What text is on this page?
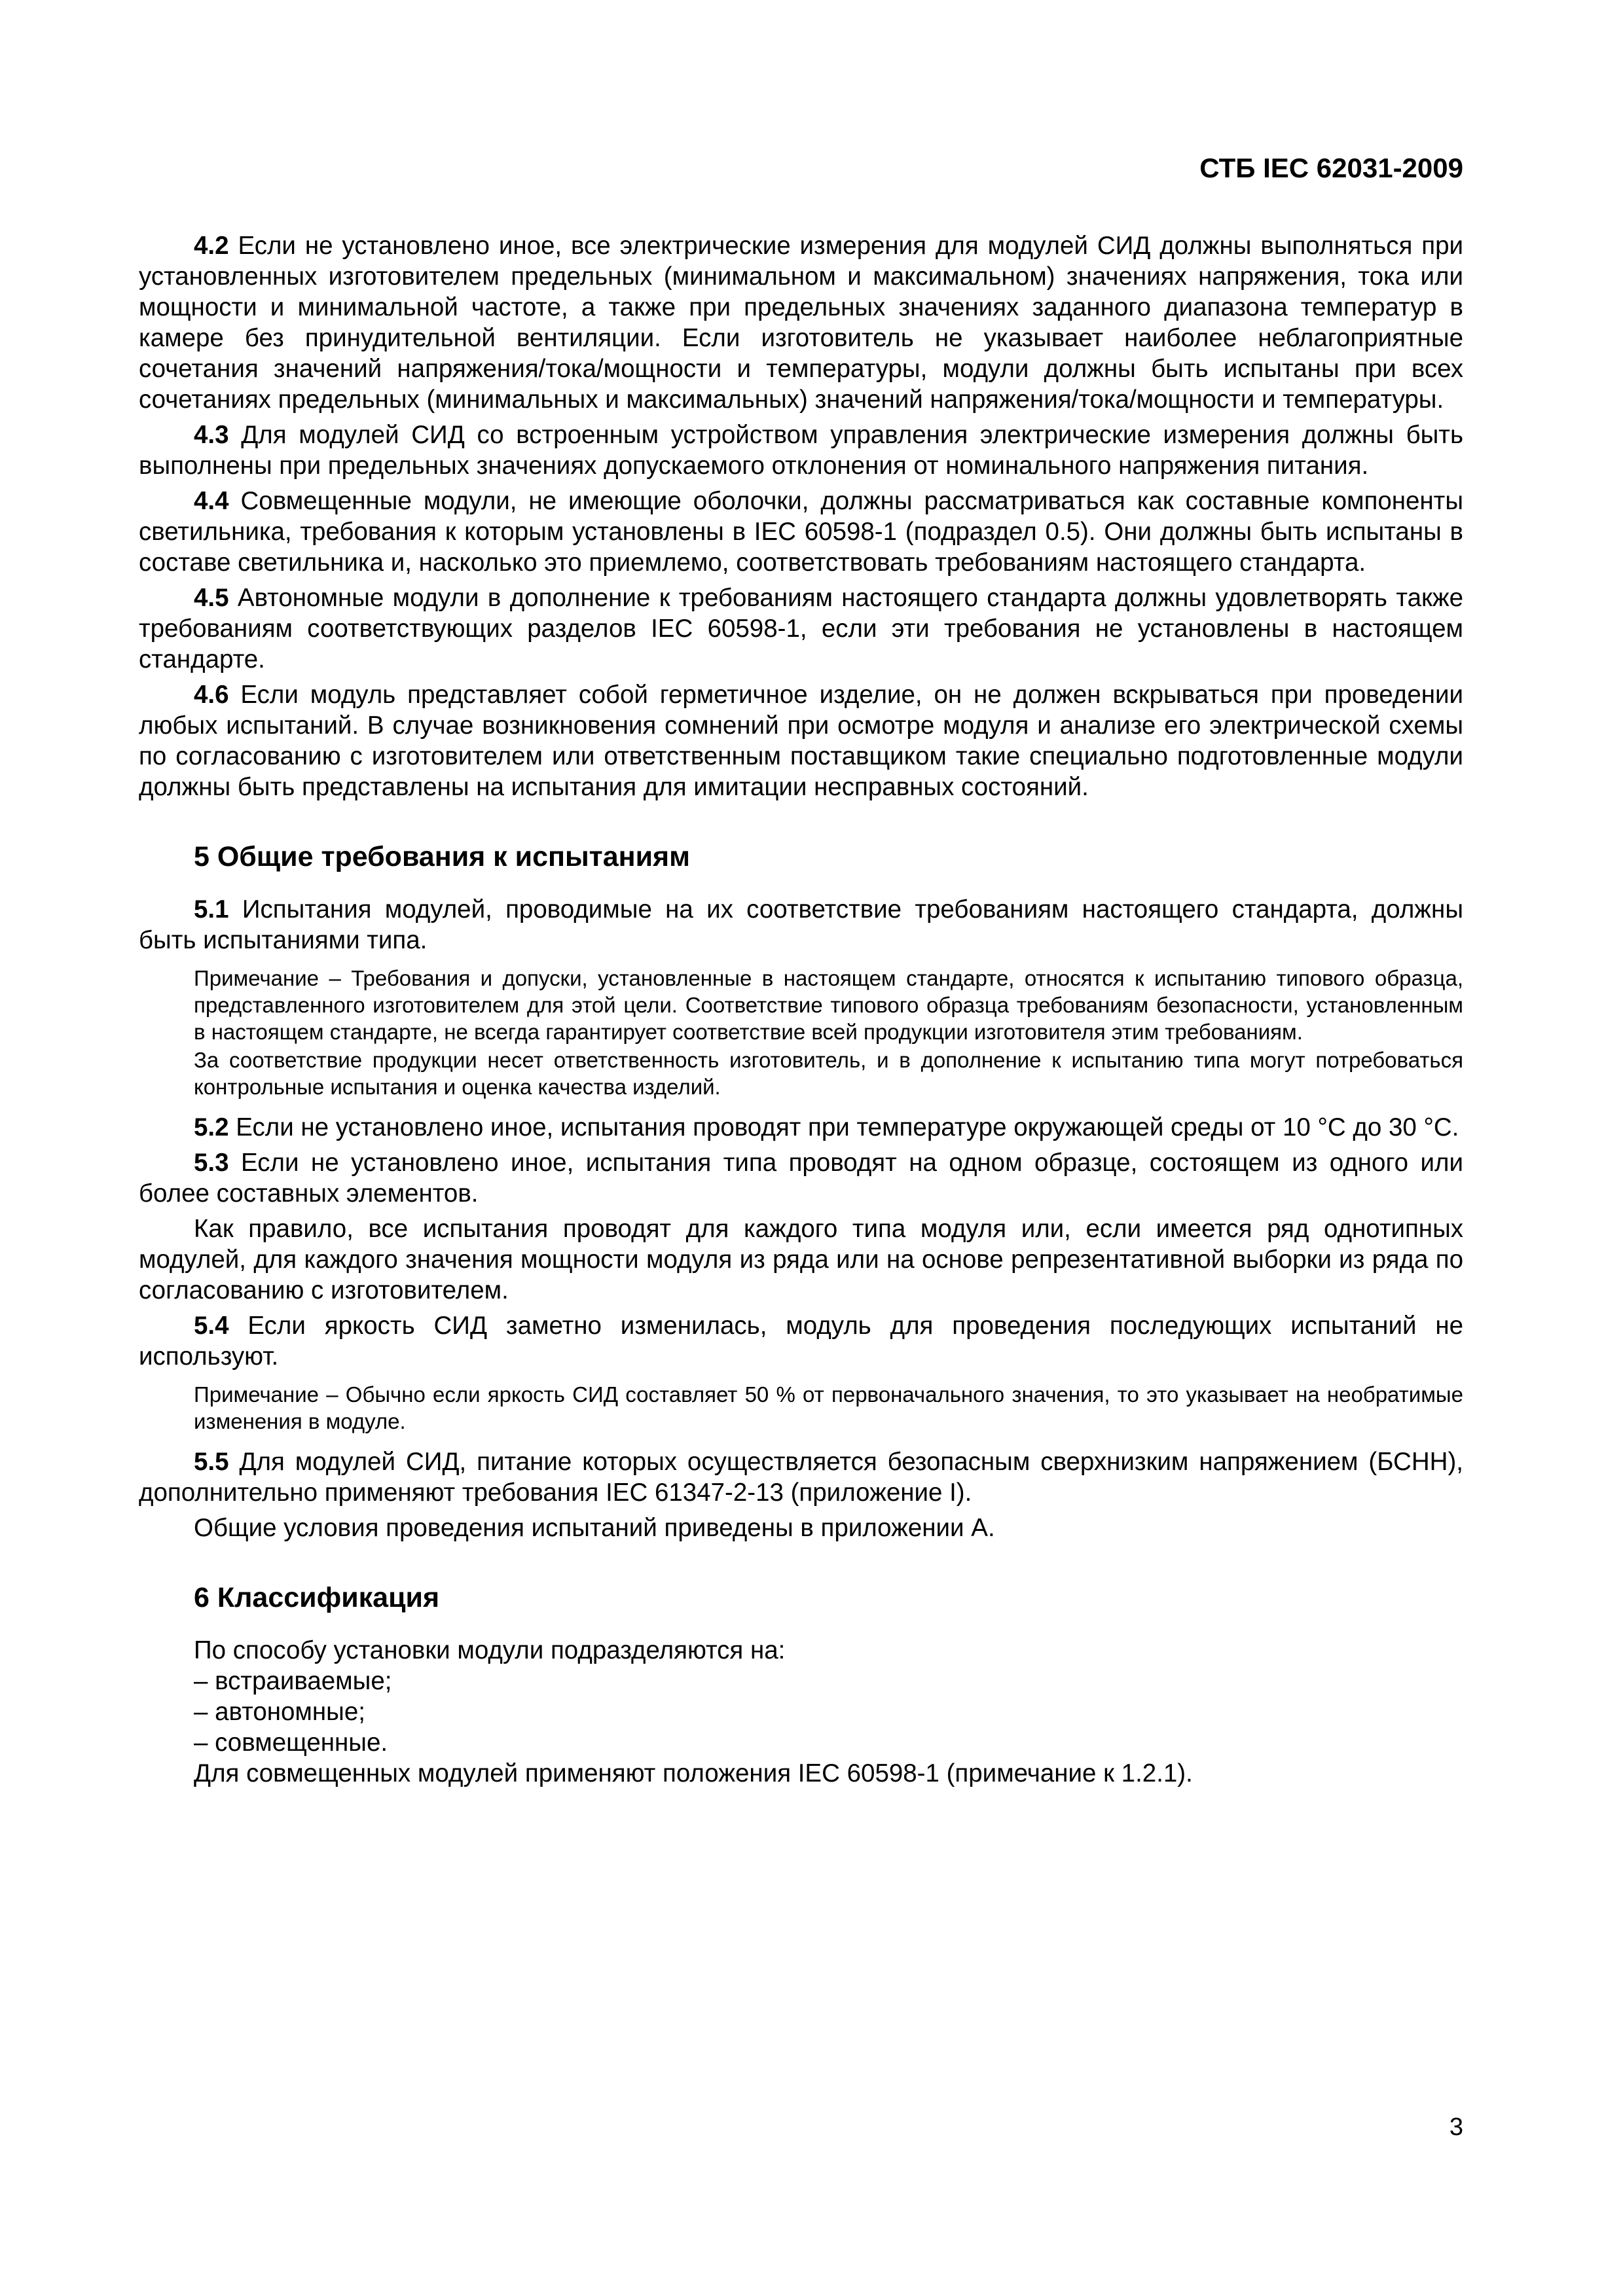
СТБ IEC 62031-2009

4.2 Если не установлено иное, все электрические измерения для модулей СИД должны выполняться при установленных изготовителем предельных (минимальном и максимальном) значениях напряжения, тока или мощности и минимальной частоте, а также при предельных значениях заданного диапазона температур в камере без принудительной вентиляции. Если изготовитель не указывает наиболее неблагоприятные сочетания значений напряжения/тока/мощности и температуры, модули должны быть испытаны при всех сочетаниях предельных (минимальных и максимальных) значений напряжения/тока/мощности и температуры.

4.3 Для модулей СИД со встроенным устройством управления электрические измерения должны быть выполнены при предельных значениях допускаемого отклонения от номинального напряжения питания.

4.4 Совмещенные модули, не имеющие оболочки, должны рассматриваться как составные компоненты светильника, требования к которым установлены в IEC 60598-1 (подраздел 0.5). Они должны быть испытаны в составе светильника и, насколько это приемлемо, соответствовать требованиям настоящего стандарта.

4.5 Автономные модули в дополнение к требованиям настоящего стандарта должны удовлетворять также требованиям соответствующих разделов IEC 60598-1, если эти требования не установлены в настоящем стандарте.

4.6 Если модуль представляет собой герметичное изделие, он не должен вскрываться при проведении любых испытаний. В случае возникновения сомнений при осмотре модуля и анализе его электрической схемы по согласованию с изготовителем или ответственным поставщиком такие специально подготовленные модули должны быть представлены на испытания для имитации несправных состояний.

5 Общие требования к испытаниям

5.1 Испытания модулей, проводимые на их соответствие требованиям настоящего стандарта, должны быть испытаниями типа.

Примечание – Требования и допуски, установленные в настоящем стандарте, относятся к испытанию типового образца, представленного изготовителем для этой цели. Соответствие типового образца требованиям безопасности, установленным в настоящем стандарте, не всегда гарантирует соответствие всей продукции изготовителя этим требованиям.

За соответствие продукции несет ответственность изготовитель, и в дополнение к испытанию типа могут потребоваться контрольные испытания и оценка качества изделий.

5.2 Если не установлено иное, испытания проводят при температуре окружающей среды от 10 °С до 30 °С.

5.3 Если не установлено иное, испытания типа проводят на одном образце, состоящем из одного или более составных элементов.

Как правило, все испытания проводят для каждого типа модуля или, если имеется ряд однотипных модулей, для каждого значения мощности модуля из ряда или на основе репрезентативной выборки из ряда по согласованию с изготовителем.

5.4 Если яркость СИД заметно изменилась, модуль для проведения последующих испытаний не используют.

Примечание – Обычно если яркость СИД составляет 50 % от первоначального значения, то это указывает на необратимые изменения в модуле.

5.5 Для модулей СИД, питание которых осуществляется безопасным сверхнизким напряжением (БСНН), дополнительно применяют требования IEC 61347-2-13 (приложение I).

Общие условия проведения испытаний приведены в приложении А.

6 Классификация
По способу установки модули подразделяются на:
– встраиваемые;
– автономные;
– совмещенные.
Для совмещенных модулей применяют положения IEC 60598-1 (примечание к 1.2.1).
3
